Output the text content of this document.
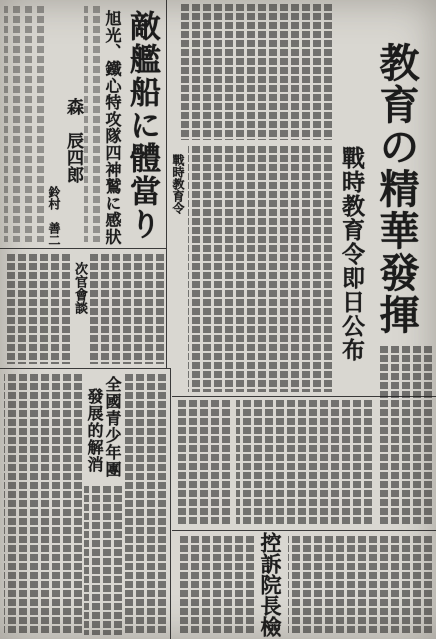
教育の精華發揮
戰時教育令即日公布
戰時教育令
敵艦船に體當り
旭光、鐵心特攻隊四神鷲に感狀
森　辰四郎
鈴村　善二
次官會談
全國青少年團
發展的解消
控訴院長檢
